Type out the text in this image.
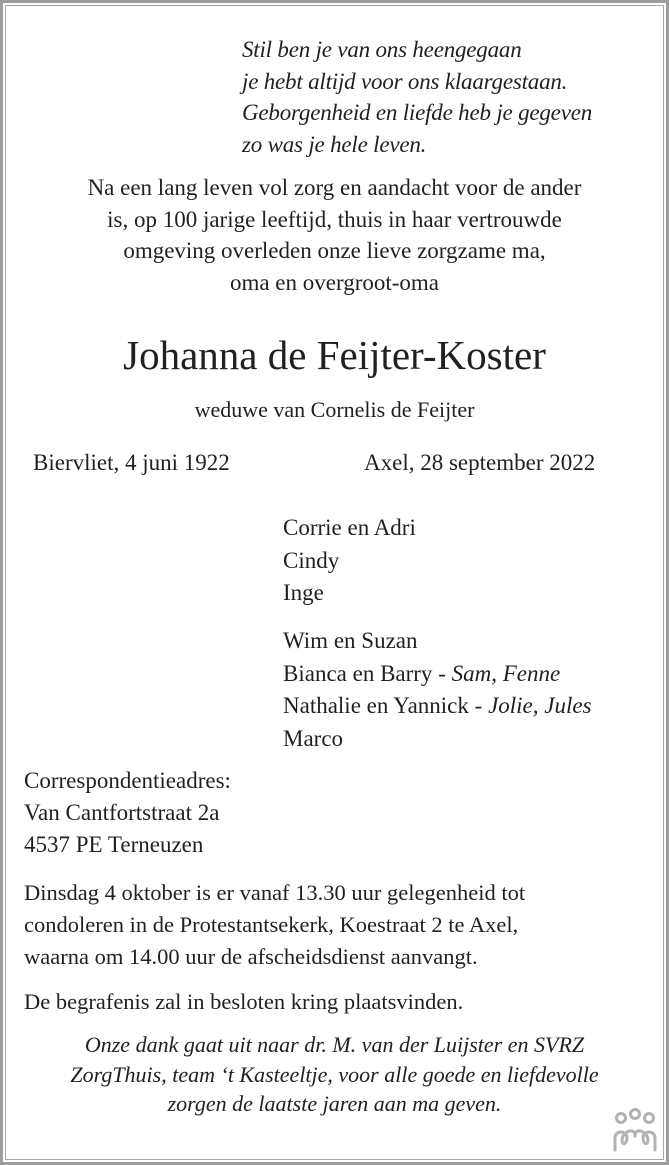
Stil ben je van ons heengegaan
je hebt altijd voor ons klaargestaan.
Geborgenheid en liefde heb je gegeven
zo was je hele leven.
Na een lang leven vol zorg en aandacht voor de ander
is, op 100 jarige leeftijd, thuis in haar vertrouwde
omgeving overleden onze lieve zorgzame ma,
oma en overgroot-oma
Johanna de Feijter-Koster
weduwe van Cornelis de Feijter
Biervliet, 4 juni 1922	Axel, 28 september 2022
Corrie en Adri
Cindy
Inge
Wim en Suzan
Bianca en Barry - Sam, Fenne
Nathalie en Yannick - Jolie, Jules
Marco
Correspondentieadres:
Van Cantfortstraat 2a
4537 PE Terneuzen
Dinsdag 4 oktober is er vanaf 13.30 uur gelegenheid tot
condoleren in de Protestantsekerk, Koestraat 2 te Axel,
waarna om 14.00 uur de afscheidsdienst aanvangt.
De begrafenis zal in besloten kring plaatsvinden.
Onze dank gaat uit naar dr. M. van der Luijster en SVRZ
ZorgThuis, team ‘t Kasteeltje, voor alle goede en liefdevolle
zorgen de laatste jaren aan ma geven.
